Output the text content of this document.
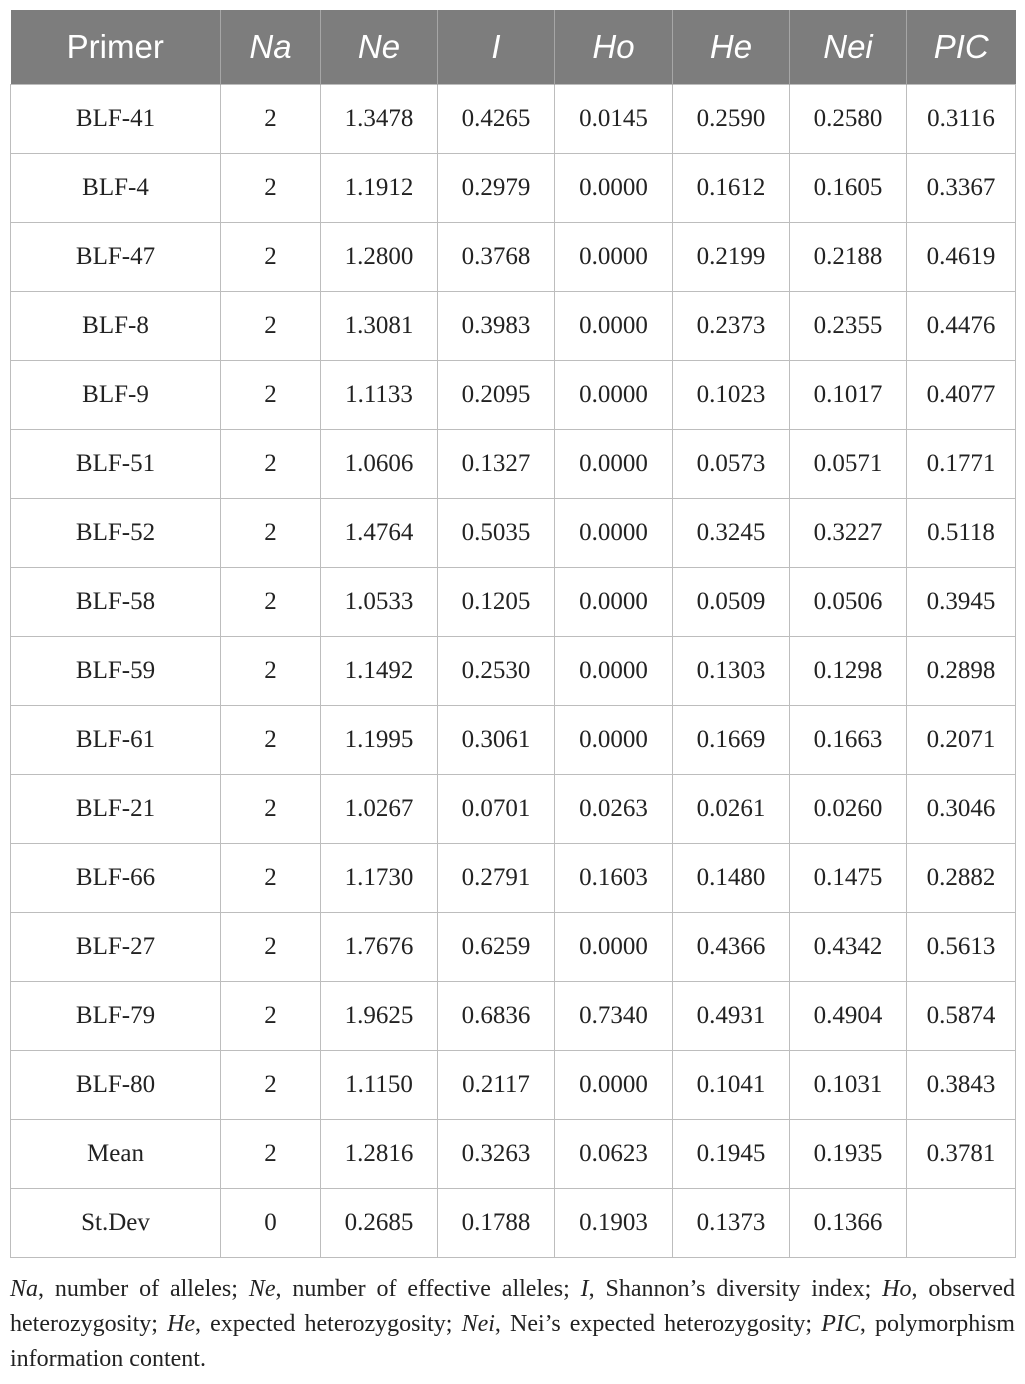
Primer	Na	Ne	I	Ho	He	Nei	PIC
BLF-41	2	1.3478	0.4265	0.0145	0.2590	0.2580	0.3116
BLF-4	2	1.1912	0.2979	0.0000	0.1612	0.1605	0.3367
BLF-47	2	1.2800	0.3768	0.0000	0.2199	0.2188	0.4619
BLF-8	2	1.3081	0.3983	0.0000	0.2373	0.2355	0.4476
BLF-9	2	1.1133	0.2095	0.0000	0.1023	0.1017	0.4077
BLF-51	2	1.0606	0.1327	0.0000	0.0573	0.0571	0.1771
BLF-52	2	1.4764	0.5035	0.0000	0.3245	0.3227	0.5118
BLF-58	2	1.0533	0.1205	0.0000	0.0509	0.0506	0.3945
BLF-59	2	1.1492	0.2530	0.0000	0.1303	0.1298	0.2898
BLF-61	2	1.1995	0.3061	0.0000	0.1669	0.1663	0.2071
BLF-21	2	1.0267	0.0701	0.0263	0.0261	0.0260	0.3046
BLF-66	2	1.1730	0.2791	0.1603	0.1480	0.1475	0.2882
BLF-27	2	1.7676	0.6259	0.0000	0.4366	0.4342	0.5613
BLF-79	2	1.9625	0.6836	0.7340	0.4931	0.4904	0.5874
BLF-80	2	1.1150	0.2117	0.0000	0.1041	0.1031	0.3843
Mean	2	1.2816	0.3263	0.0623	0.1945	0.1935	0.3781
St.Dev	0	0.2685	0.1788	0.1903	0.1373	0.1366	
Na, number of alleles; Ne, number of effective alleles; I, Shannon’s diversity index; Ho, observed heterozygosity; He, expected heterozygosity; Nei, Nei’s expected heterozygosity; PIC, polymorphism information content.
